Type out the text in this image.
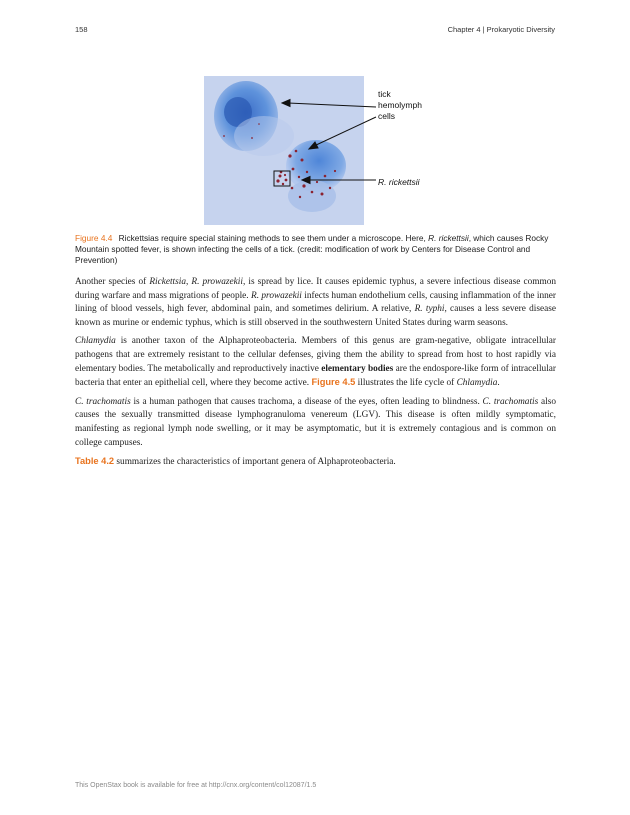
158	Chapter 4 | Prokaryotic Diversity
tick
hemolymph
cells
R. rickettsii
Figure 4.4 Rickettsias require special staining methods to see them under a microscope. Here, R. rickettsii, which causes Rocky Mountain spotted fever, is shown infecting the cells of a tick. (credit: modification of work by Centers for Disease Control and Prevention)

Another species of Rickettsia, R. prowazekii, is spread by lice. It causes epidemic typhus, a severe infectious disease common during warfare and mass migrations of people. R. prowazekii infects human endothelium cells, causing inflammation of the inner lining of blood vessels, high fever, abdominal pain, and sometimes delirium. A relative, R. typhi, causes a less severe disease known as murine or endemic typhus, which is still observed in the southwestern United States during warm seasons.

Chlamydia is another taxon of the Alphaproteobacteria. Members of this genus are gram-negative, obligate intracellular pathogens that are extremely resistant to the cellular defenses, giving them the ability to spread from host to host rapidly via elementary bodies. The metabolically and reproductively inactive elementary bodies are the endospore-like form of intracellular bacteria that enter an epithelial cell, where they become active. Figure 4.5 illustrates the life cycle of Chlamydia.

C. trachomatis is a human pathogen that causes trachoma, a disease of the eyes, often leading to blindness. C. trachomatis also causes the sexually transmitted disease lymphogranuloma venereum (LGV). This disease is often mildly symptomatic, manifesting as regional lymph node swelling, or it may be asymptomatic, but it is extremely contagious and is common on college campuses.

Table 4.2 summarizes the characteristics of important genera of Alphaproteobacteria.

This OpenStax book is available for free at http://cnx.org/content/col12087/1.5
